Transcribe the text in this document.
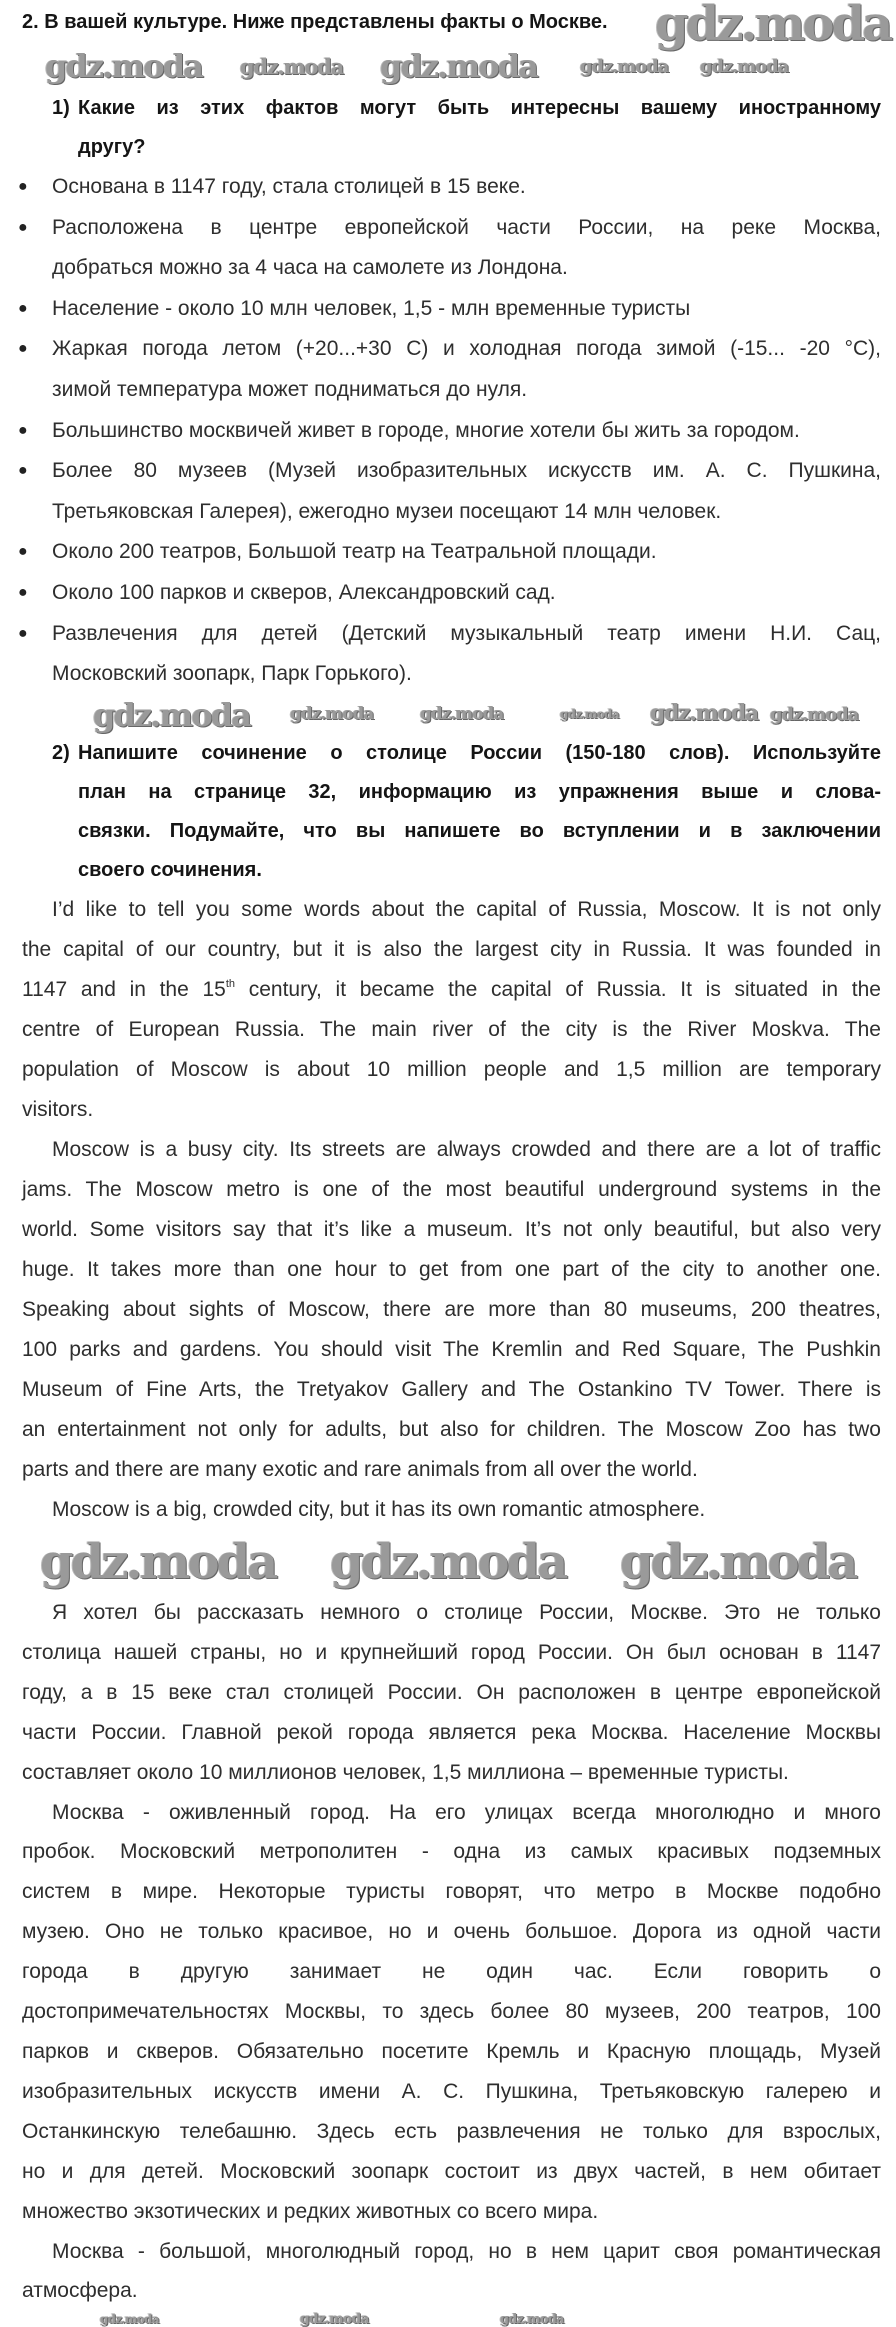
2. В вашей культуре. Ниже представлены факты о Москве.
1) Какие из этих фактов могут быть интересны вашему иностранному
другу?
● Основана в 1147 году, стала столицей в 15 веке.
● Расположена в центре европейской части России, на реке Москва,
добраться можно за 4 часа на самолете из Лондона.
● Население - около 10 млн человек, 1,5 - млн временные туристы
● Жаркая погода летом (+20...+30 С) и холодная погода зимой (-15... -20 °С),
зимой температура может подниматься до нуля.
● Большинство москвичей живет в городе, многие хотели бы жить за городом.
● Более 80 музеев (Музей изобразительных искусств им. А. С. Пушкина,
Третьяковская Галерея), ежегодно музеи посещают 14 млн человек.
● Около 200 театров, Большой театр на Театральной площади.
● Около 100 парков и скверов, Александровский сад.
● Развлечения для детей (Детский музыкальный театр имени Н.И. Сац,
Московский зоопарк, Парк Горького).
2) Напишите сочинение о столице России (150-180 слов). Используйте
план на странице 32, информацию из упражнения выше и слова-
связки. Подумайте, что вы напишете во вступлении и в заключении
своего сочинения.
I’d like to tell you some words about the capital of Russia, Moscow. It is not only
the capital of our country, but it is also the largest city in Russia. It was founded in
1147 and in the 15th century, it became the capital of Russia. It is situated in the
centre of European Russia. The main river of the city is the River Moskva. The
population of Moscow is about 10 million people and 1,5 million are temporary
visitors.
Moscow is a busy city. Its streets are always crowded and there are a lot of traffic
jams. The Moscow metro is one of the most beautiful underground systems in the
world. Some visitors say that it’s like a museum. It’s not only beautiful, but also very
huge. It takes more than one hour to get from one part of the city to another one.
Speaking about sights of Moscow, there are more than 80 museums, 200 theatres,
100 parks and gardens. You should visit The Kremlin and Red Square, The Pushkin
Museum of Fine Arts, the Tretyakov Gallery and The Ostankino TV Tower. There is
an entertainment not only for adults, but also for children. The Moscow Zoo has two
parts and there are many exotic and rare animals from all over the world.
Moscow is a big, crowded city, but it has its own romantic atmosphere.
Я хотел бы рассказать немного о столице России, Москве. Это не только
столица нашей страны, но и крупнейший город России. Он был основан в 1147
году, а в 15 веке стал столицей России. Он расположен в центре европейской
части России. Главной рекой города является река Москва. Население Москвы
составляет около 10 миллионов человек, 1,5 миллиона – временные туристы.
Москва - оживленный город. На его улицах всегда многолюдно и много
пробок. Московский метрополитен - одна из самых красивых подземных
систем в мире. Некоторые туристы говорят, что метро в Москве подобно
музею. Оно не только красивое, но и очень большое. Дорога из одной части
города в другую занимает не один час. Если говорить о
достопримечательностях Москвы, то здесь более 80 музеев, 200 театров, 100
парков и скверов. Обязательно посетите Кремль и Красную площадь, Музей
изобразительных искусств имени А. С. Пушкина, Третьяковскую галерею и
Останкинскую телебашню. Здесь есть развлечения не только для взрослых,
но и для детей. Московский зоопарк состоит из двух частей, в нем обитает
множество экзотических и редких животных со всего мира.
Москва - большой, многолюдный город, но в нем царит своя романтическая
атмосфера.
gdz.moda
gdz.moda gdz.moda gdz.moda gdz.moda gdz.moda
gdz.moda gdz.moda	gdz.moda	gdz.moda gdz.moda gdz.moda
gdz.moda gdz.moda gdz.moda
gdz.moda	gdz.moda	gdz.moda
